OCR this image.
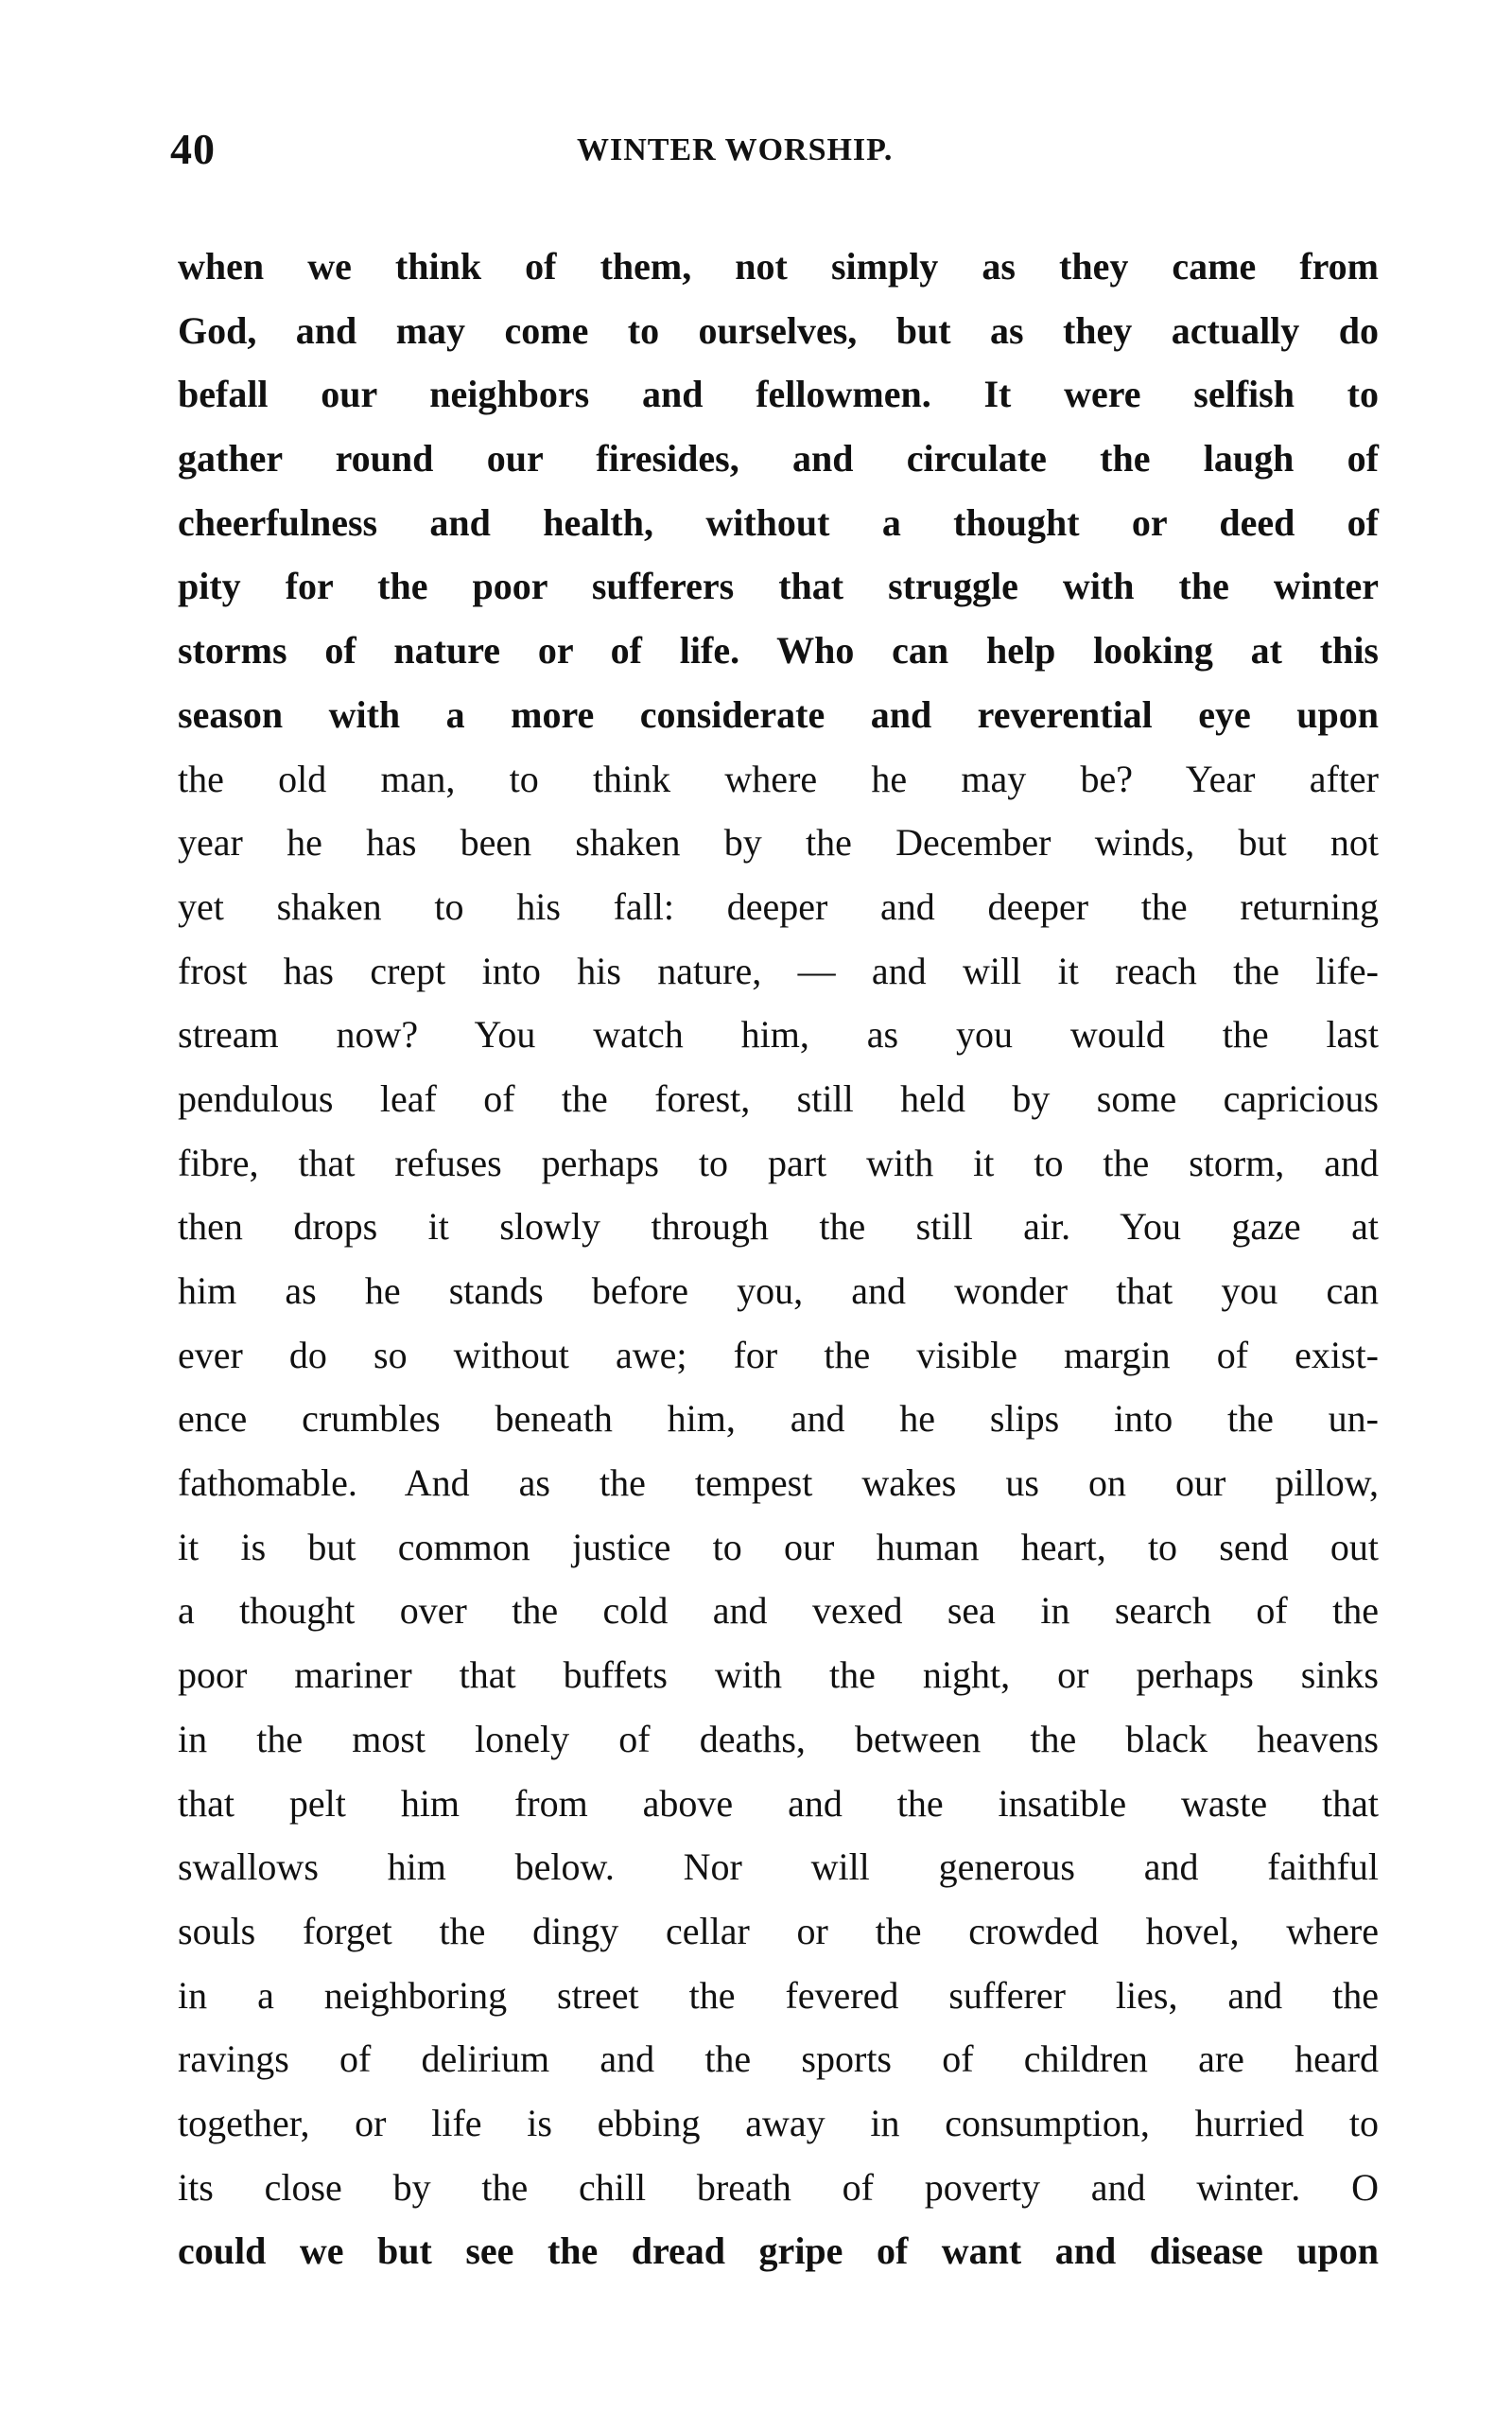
40	WINTER WORSHIP.
when we think of them, not simply as they came from
God, and may come to ourselves, but as they actually do
befall our neighbors and fellowmen. It were selfish to
gather round our firesides, and circulate the laugh of
cheerfulness and health, without a thought or deed of
pity for the poor sufferers that struggle with the winter
storms of nature or of life. Who can help looking at this
season with a more considerate and reverential eye upon
the old man, to think where he may be? Year after
year he has been shaken by the December winds, but not
yet shaken to his fall: deeper and deeper the returning
frost has crept into his nature, — and will it reach the life-
stream now? You watch him, as you would the last
pendulous leaf of the forest, still held by some capricious
fibre, that refuses perhaps to part with it to the storm, and
then drops it slowly through the still air. You gaze at
him as he stands before you, and wonder that you can
ever do so without awe; for the visible margin of exist-
ence crumbles beneath him, and he slips into the un-
fathomable. And as the tempest wakes us on our pillow,
it is but common justice to our human heart, to send out
a thought over the cold and vexed sea in search of the
poor mariner that buffets with the night, or perhaps sinks
in the most lonely of deaths, between the black heavens
that pelt him from above and the insatible waste that
swallows him below. Nor will generous and faithful
souls forget the dingy cellar or the crowded hovel, where
in a neighboring street the fevered sufferer lies, and the
ravings of delirium and the sports of children are heard
together, or life is ebbing away in consumption, hurried to
its close by the chill breath of poverty and winter. O
could we but see the dread gripe of want and disease upon
